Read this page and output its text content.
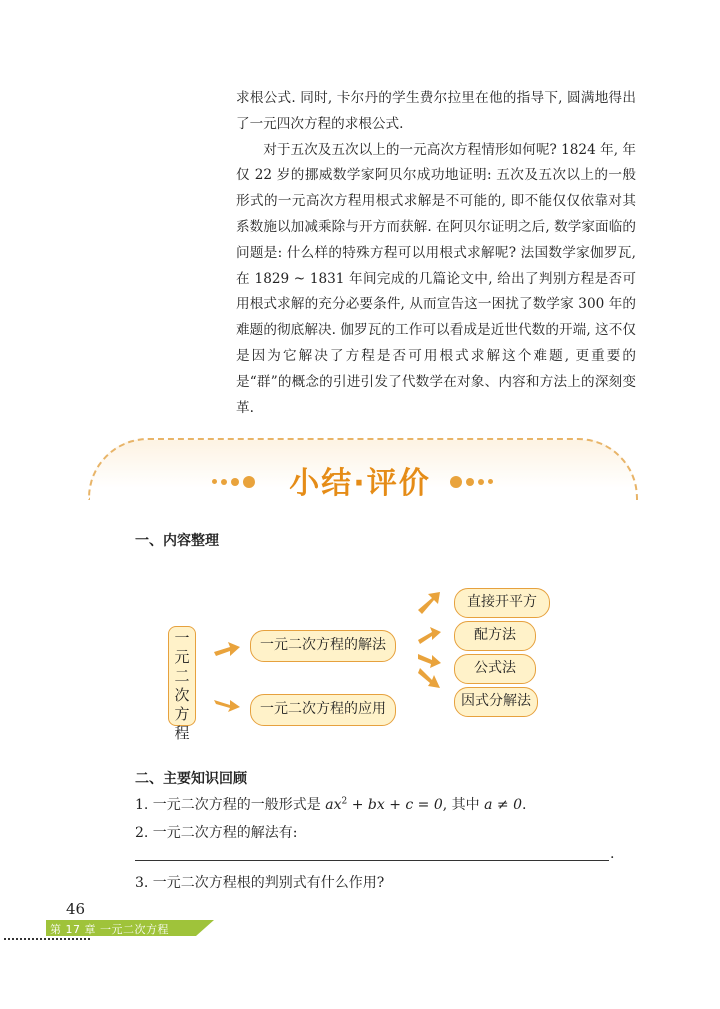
求根公式. 同时, 卡尔丹的学生费尔拉里在他的指导下, 圆满地得出了一元四次方程的求根公式.

对于五次及五次以上的一元高次方程情形如何呢? 1824 年, 年仅 22 岁的挪威数学家阿贝尔成功地证明: 五次及五次以上的一般形式的一元高次方程用根式求解是不可能的, 即不能仅仅依靠对其系数施以加减乘除与开方而获解. 在阿贝尔证明之后, 数学家面临的问题是: 什么样的特殊方程可以用根式求解呢? 法国数学家伽罗瓦, 在 1829 ~ 1831 年间完成的几篇论文中, 给出了判别方程是否可用根式求解的充分必要条件, 从而宣告这一困扰了数学家 300 年的难题的彻底解决. 伽罗瓦的工作可以看成是近世代数的开端, 这不仅是因为它解决了方程是否可用根式求解这个难题, 更重要的是“群”的概念的引进引发了代数学在对象、内容和方法上的深刻变革.

小结·评价
一、内容整理
一元二次方程
一元二次方程的解法
一元二次方程的应用
直接开平方
配方法
公式法
因式分解法
二、主要知识回顾
1. 一元二次方程的一般形式是 $ax^2$ + bx + c = 0, 其中 a ≠ 0.
2. 一元二次方程的解法有:
.
3. 一元二次方程根的判别式有什么作用?
46
第 17 章 一元二次方程
